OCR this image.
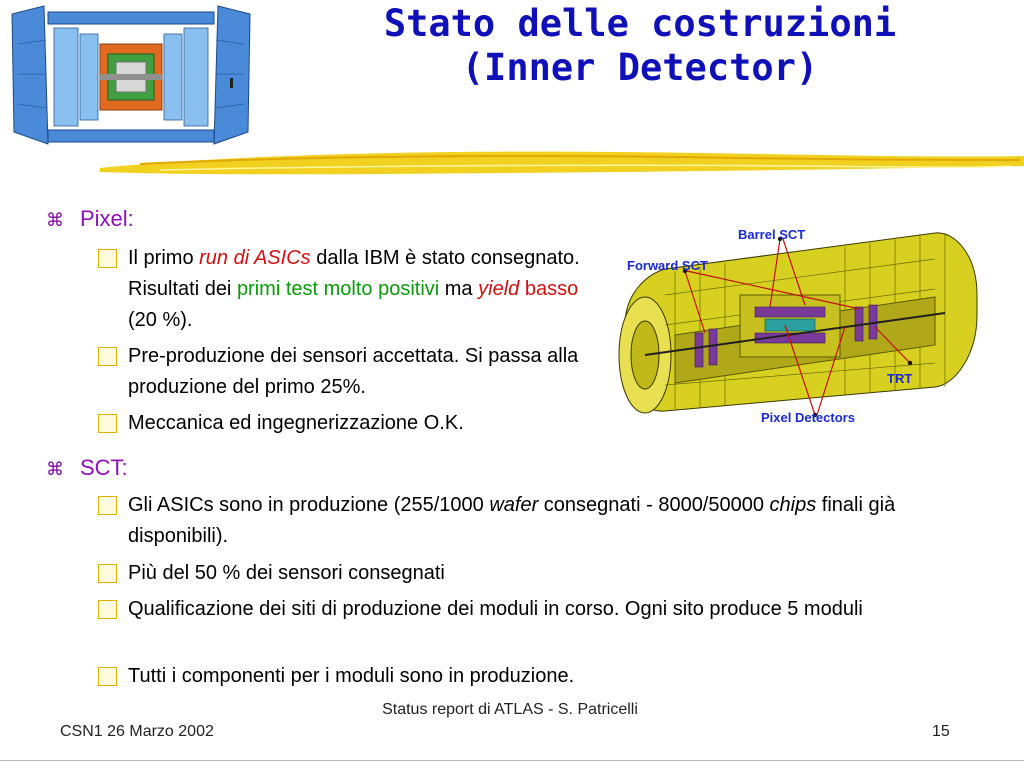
Stato delle costruzioni
(Inner Detector)
⌘ Pixel:
Il primo run di ASICs dalla IBM è stato consegnato. Risultati dei primi test molto positivi ma yield basso (20 %).
Pre-produzione dei sensori accettata. Si passa alla produzione del primo 25%.
Meccanica ed ingegnerizzazione O.K.
⌘ SCT:
Gli ASICs sono in produzione (255/1000 wafer consegnati - 8000/50000 chips finali già disponibili).
Più del 50 % dei sensori consegnati
Qualificazione dei siti di produzione dei moduli in corso. Ogni sito produce 5 moduli
Tutti i componenti per i moduli sono in produzione.
Barrel SCT
Forward SCT
TRT
Pixel Detectors
CSN1 26 Marzo 2002
Status report di ATLAS - S. Patricelli
15
